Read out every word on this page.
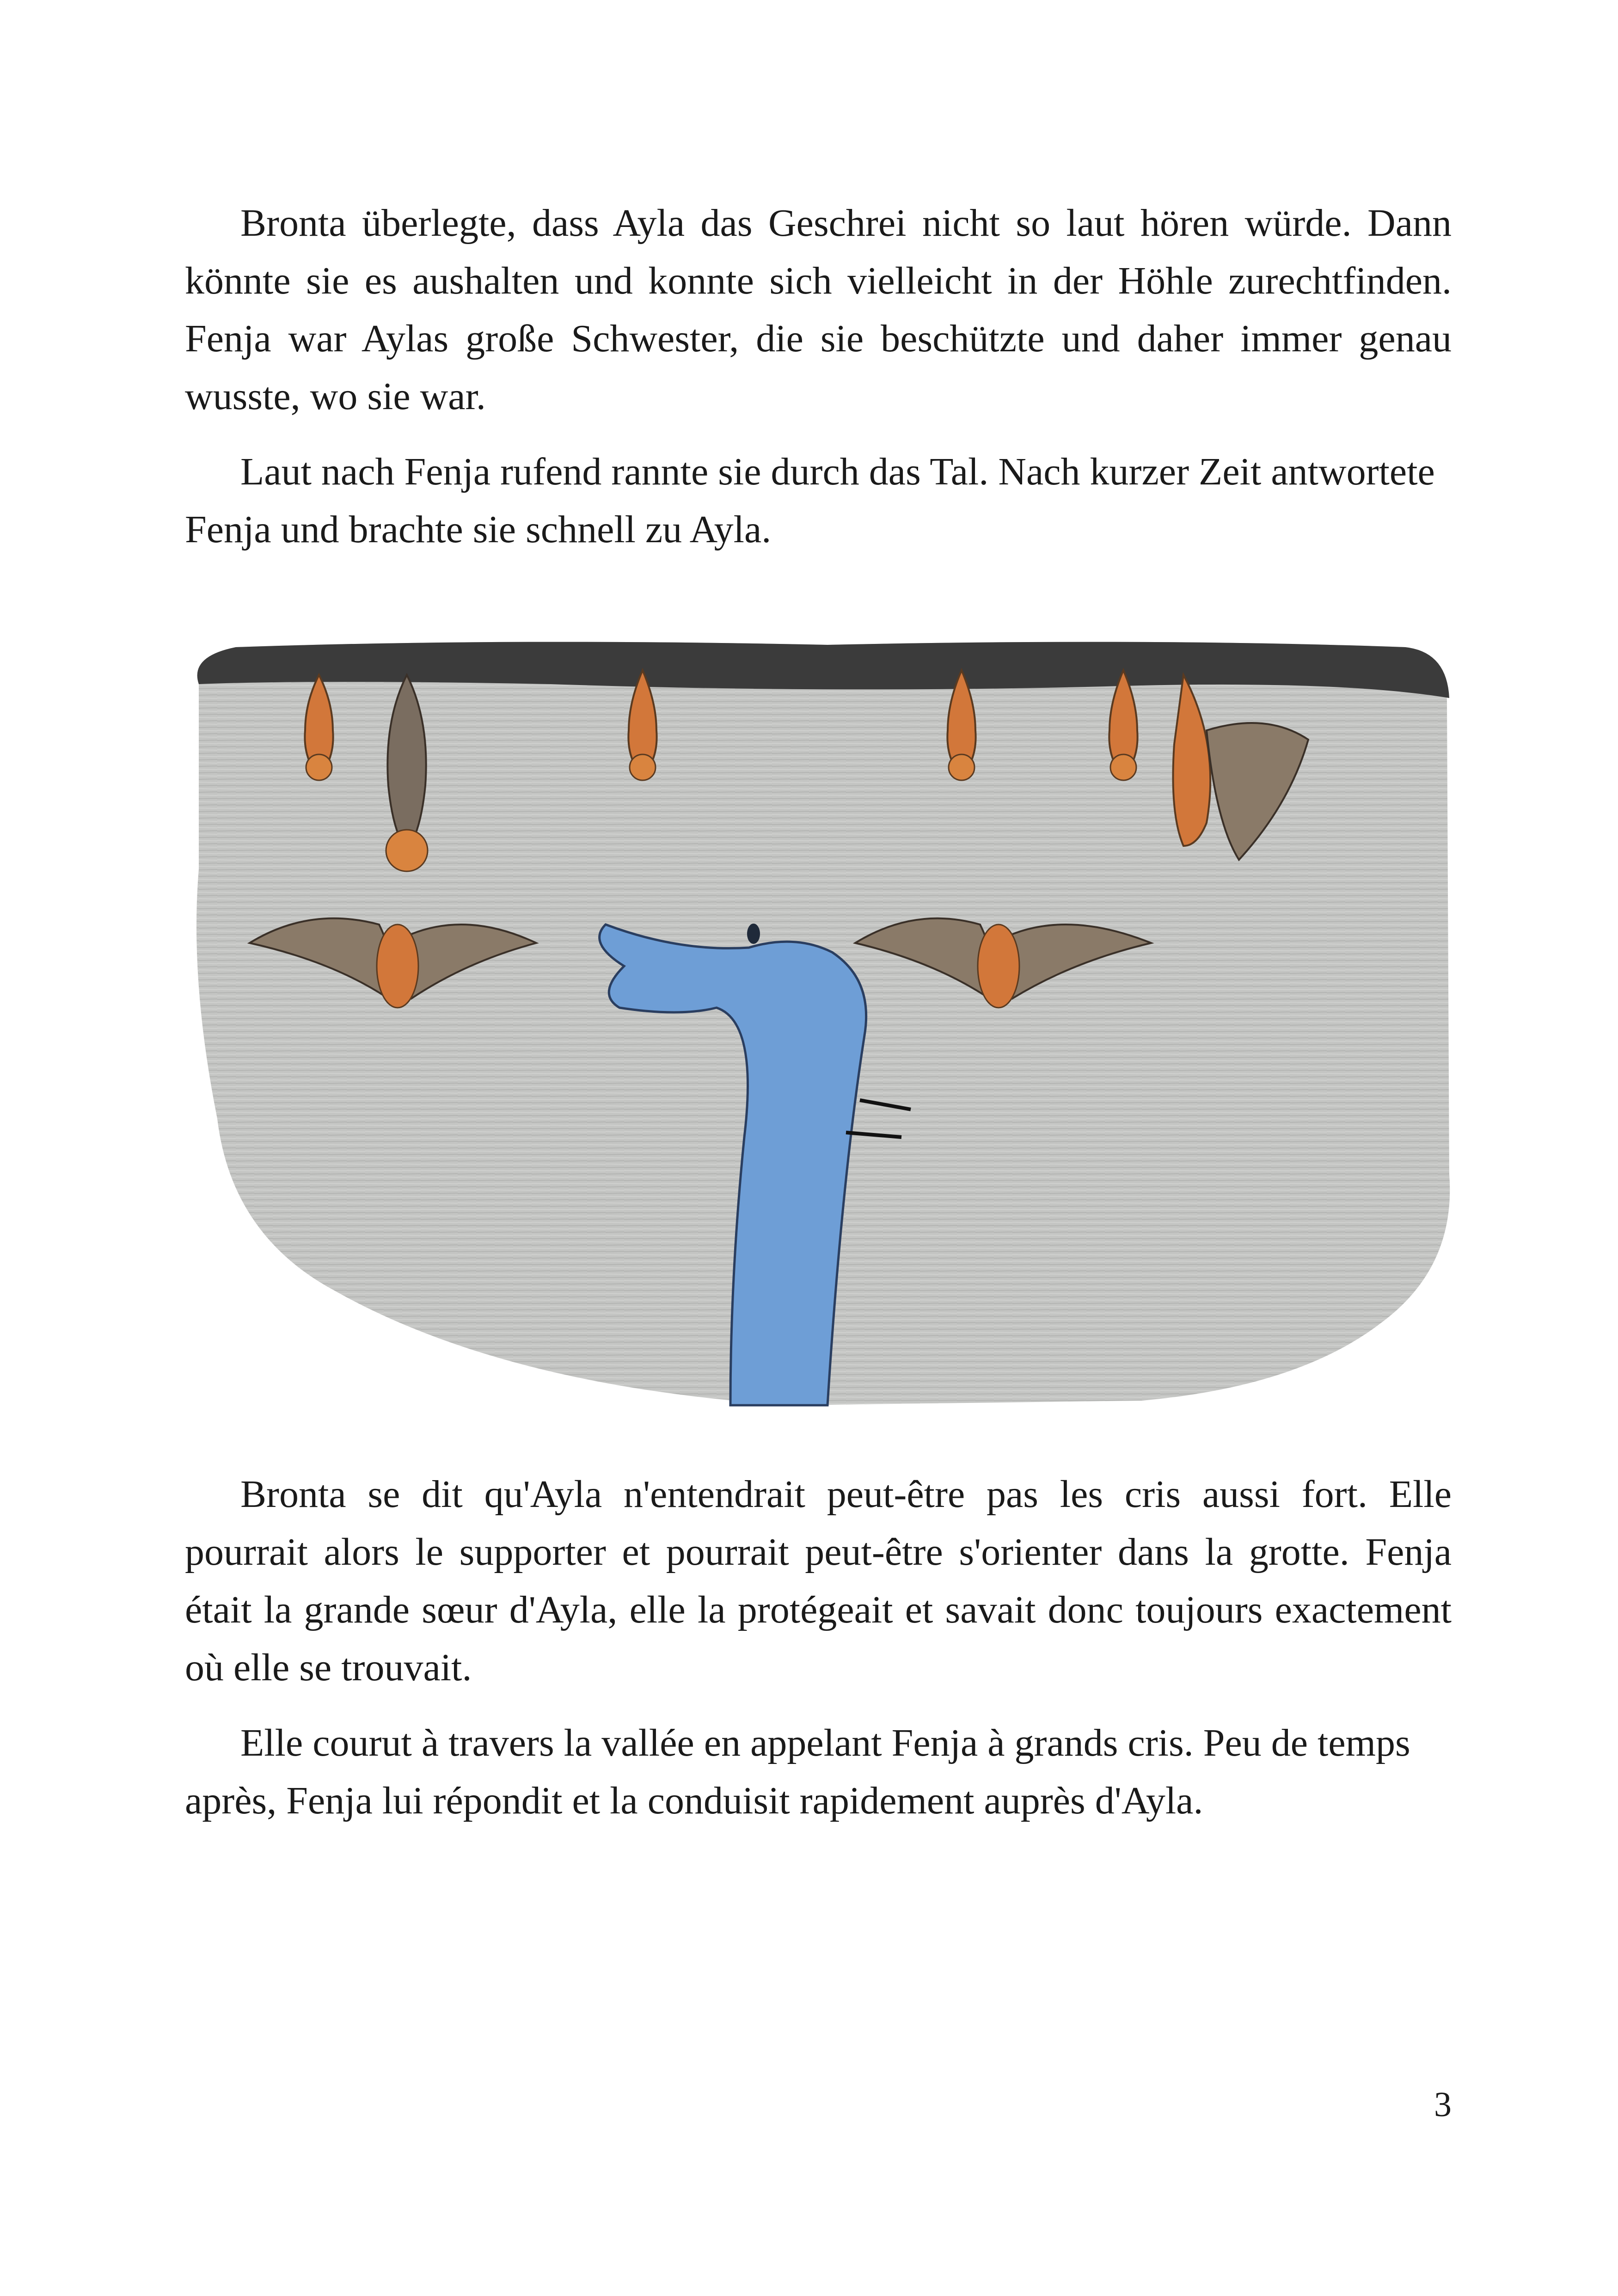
Bronta überlegte, dass Ayla das Geschrei nicht so laut hören würde. Dann könnte sie es aushalten und konnte sich vielleicht in der Höhle zurechtfinden. Fenja war Aylas große Schwester, die sie beschützte und daher immer genau wusste, wo sie war.

Laut nach Fenja rufend rannte sie durch das Tal. Nach kurzer Zeit antwortete Fenja und brachte sie schnell zu Ayla.

Bronta se dit qu'Ayla n'entendrait peut-être pas les cris aussi fort. Elle pourrait alors le supporter et pourrait peut-être s'orienter dans la grotte. Fenja était la grande sœur d'Ayla, elle la protégeait et savait donc toujours exactement où elle se trouvait.

Elle courut à travers la vallée en appelant Fenja à grands cris. Peu de temps après, Fenja lui répondit et la conduisit rapidement auprès d'Ayla.

3
